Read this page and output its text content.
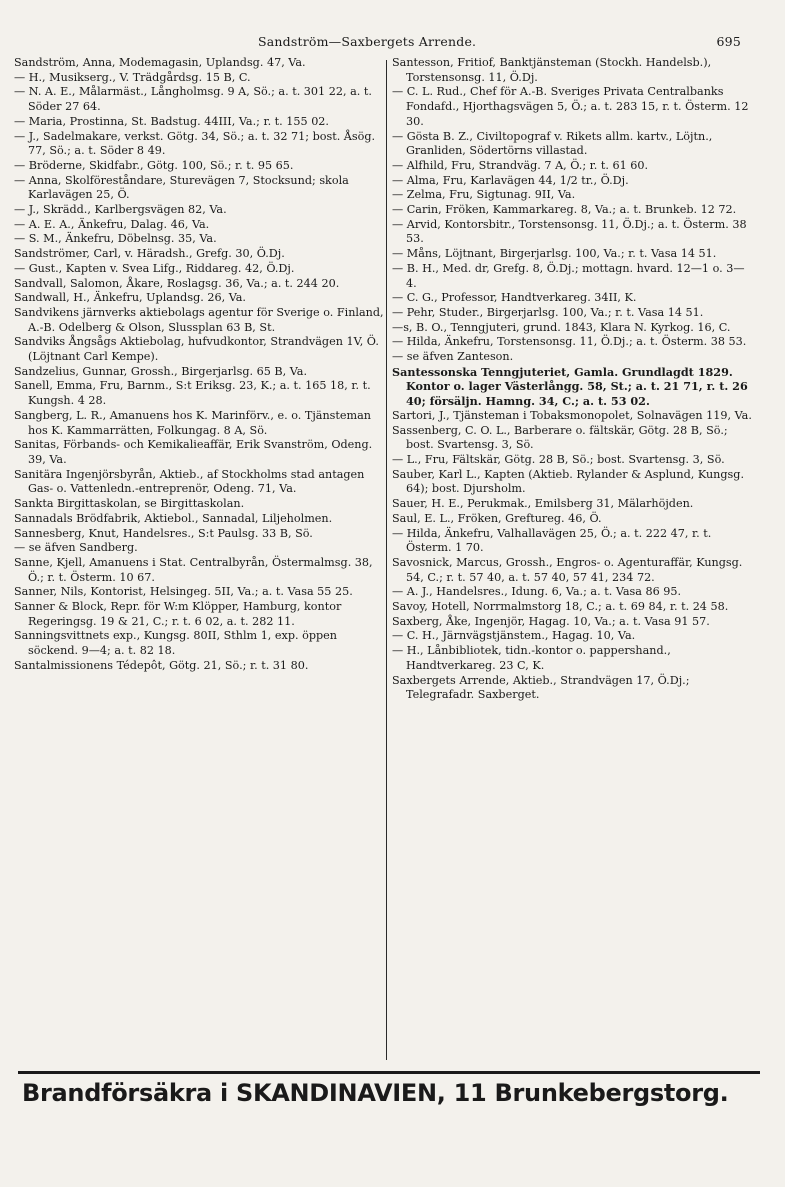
Sandström—Saxbergets Arrende.	695

Sandström, Anna, Modemagasin, Uplandsg. 47, Va.

— H., Musikserg., V. Trädgårdsg. 15 B, C.

— N. A. E., Målarmäst., Långholmsg. 9 A, Sö.; a. t. 301 22, a. t. Söder 27 64.

— Maria, Prostinna, St. Badstug. 44III, Va.; r. t. 155 02.

— J., Sadelmakare, verkst. Götg. 34, Sö.; a. t. 32 71; bost. Åsög. 77, Sö.; a. t. Söder 8 49.

— Bröderne, Skidfabr., Götg. 100, Sö.; r. t. 95 65.

— Anna, Skolföreståndare, Sturevägen 7, Stocksund; skola Karlavägen 25, Ö.

— J., Skrädd., Karlbergsvägen 82, Va.

— A. E. A., Änkefru, Dalag. 46, Va.

— S. M., Änkefru, Döbelnsg. 35, Va.

Sandströmer, Carl, v. Häradsh., Grefg. 30, Ö.Dj.

— Gust., Kapten v. Svea Lifg., Riddareg. 42, Ö.Dj.

Sandvall, Salomon, Åkare, Roslagsg. 36, Va.; a. t. 244 20.

Sandwall, H., Änkefru, Uplandsg. 26, Va.

Sandvikens järnverks aktiebolags agentur för Sverige o. Finland, A.-B. Odelberg & Olson, Slussplan 63 B, St.

Sandviks Ångsågs Aktiebolag, hufvudkontor, Strandvägen 1V, Ö. (Löjtnant Carl Kempe).

Sandzelius, Gunnar, Grossh., Birgerjarlsg. 65 B, Va.

Sanell, Emma, Fru, Barnm., S:t Eriksg. 23, K.; a. t. 165 18, r. t. Kungsh. 4 28.

Sangberg, L. R., Amanuens hos K. Marinförv., e. o. Tjänsteman hos K. Kammarrätten, Folkungag. 8 A, Sö.

Sanitas, Förbands- och Kemikalieaffär, Erik Svanström, Odeng. 39, Va.

Sanitära Ingenjörsbyrån, Aktieb., af Stockholms stad antagen Gas- o. Vattenledn.-entreprenör, Odeng. 71, Va.

Sankta Birgittaskolan, se Birgittaskolan.

Sannadals Brödfabrik, Aktiebol., Sannadal, Liljeholmen.

Sannesberg, Knut, Handelsres., S:t Paulsg. 33 B, Sö.

— se äfven Sandberg.

Sanne, Kjell, Amanuens i Stat. Centralbyrån, Östermalmsg. 38, Ö.; r. t. Österm. 10 67.

Sanner, Nils, Kontorist, Helsingeg. 5II, Va.; a. t. Vasa 55 25.

Sanner & Block, Repr. för W:m Klöpper, Hamburg, kontor Regeringsg. 19 & 21, C.; r. t. 6 02, a. t. 282 11.

Sanningsvittnets exp., Kungsg. 80II, Sthlm 1, exp. öppen söckend. 9—4; a. t. 82 18.

Santalmissionens Tédepôt, Götg. 21, Sö.; r. t. 31 80.

Santesson, Fritiof, Banktjänsteman (Stockh. Handelsb.), Torstensonsg. 11, Ö.Dj.

— C. L. Rud., Chef för A.-B. Sveriges Privata Centralbanks Fondafd., Hjorthagsvägen 5, Ö.; a. t. 283 15, r. t. Österm. 12 30.

— Gösta B. Z., Civiltopograf v. Rikets allm. kartv., Löjtn., Granliden, Södertörns villastad.

— Alfhild, Fru, Strandväg. 7 A, Ö.; r. t. 61 60.

— Alma, Fru, Karlavägen 44, 1/2 tr., Ö.Dj.

— Zelma, Fru, Sigtunag. 9II, Va.

— Carin, Fröken, Kammarkareg. 8, Va.; a. t. Brunkeb. 12 72.

— Arvid, Kontorsbitr., Torstensonsg. 11, Ö.Dj.; a. t. Österm. 38 53.

— Måns, Löjtnant, Birgerjarlsg. 100, Va.; r. t. Vasa 14 51.

— B. H., Med. dr, Grefg. 8, Ö.Dj.; mottagn. hvard. 12—1 o. 3—4.

— C. G., Professor, Handtverkareg. 34II, K.

— Pehr, Studer., Birgerjarlsg. 100, Va.; r. t. Vasa 14 51.

—s, B. O., Tenngjuteri, grund. 1843, Klara N. Kyrkog. 16, C.

— Hilda, Änkefru, Torstensonsg. 11, Ö.Dj.; a. t. Österm. 38 53.

— se äfven Zanteson.

Santessonska Tenngjuteriet, Gamla. Grundlagdt 1829. Kontor o. lager Västerlångg. 58, St.; a. t. 21 71, r. t. 26 40; försäljn. Hamng. 34, C.; a. t. 53 02.

Sartori, J., Tjänsteman i Tobaksmonopolet, Solnavägen 119, Va.

Sassenberg, C. O. L., Barberare o. fältskär, Götg. 28 B, Sö.; bost. Svartensg. 3, Sö.

— L., Fru, Fältskär, Götg. 28 B, Sö.; bost. Svartensg. 3, Sö.

Sauber, Karl L., Kapten (Aktieb. Rylander & Asplund, Kungsg. 64); bost. Djursholm.

Sauer, H. E., Perukmak., Emilsberg 31, Mälarhöjden.

Saul, E. L., Fröken, Greftureg. 46, Ö.

— Hilda, Änkefru, Valhallavägen 25, Ö.; a. t. 222 47, r. t. Österm. 1 70.

Savosnick, Marcus, Grossh., Engros- o. Agenturaffär, Kungsg. 54, C.; r. t. 57 40, a. t. 57 40, 57 41, 234 72.

— A. J., Handelsres., Idung. 6, Va.; a. t. Vasa 86 95.

Savoy, Hotell, Norrmalmstorg 18, C.; a. t. 69 84, r. t. 24 58.

Saxberg, Åke, Ingenjör, Hagag. 10, Va.; a. t. Vasa 91 57.

— C. H., Järnvägstjänstem., Hagag. 10, Va.

— H., Lånbibliotek, tidn.-kontor o. pappershand., Handtverkareg. 23 C, K.

Saxbergets Arrende, Aktieb., Strandvägen 17, Ö.Dj.; Telegrafadr. Saxberget.

Brandförsäkra i SKANDINAVIEN, 11 Brunkebergstorg.
